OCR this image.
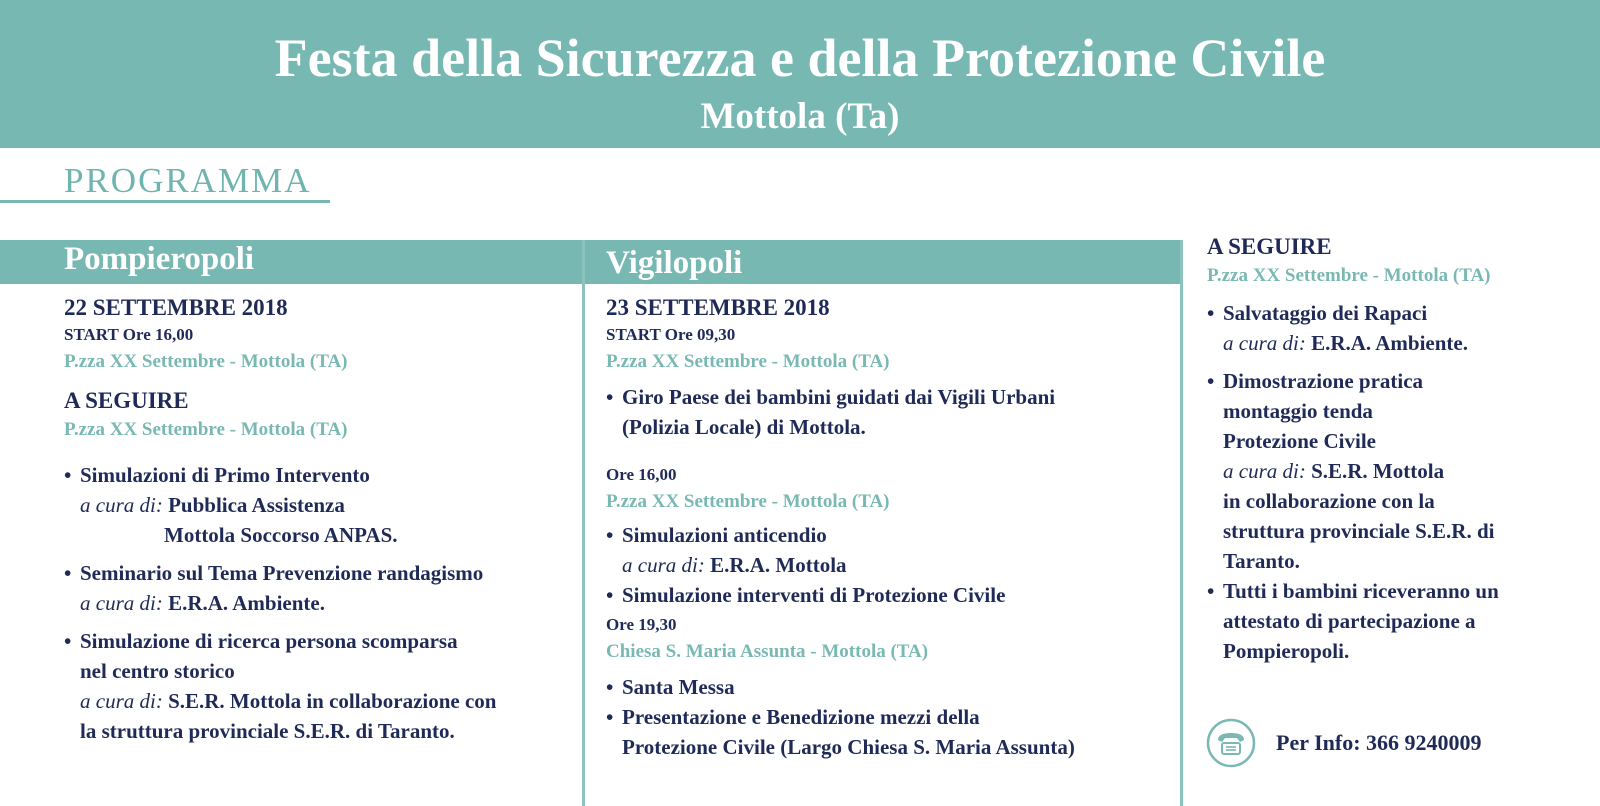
Festa della Sicurezza e della Protezione Civile
Mottola (Ta)
PROGRAMMA
Pompieropoli	Vigilopoli
22 SETTEMBRE 2018
START Ore 16,00
P.zza XX Settembre - Mottola (TA)
A SEGUIRE
P.zza XX Settembre - Mottola (TA)
• Simulazioni di Primo Intervento
a cura di: Pubblica Assistenza
Mottola Soccorso ANPAS.
• Seminario sul Tema Prevenzione randagismo
a cura di: E.R.A. Ambiente.
• Simulazione di ricerca persona scomparsa
nel centro storico
a cura di: S.E.R. Mottola in collaborazione con
la struttura provinciale S.E.R. di Taranto.
23 SETTEMBRE 2018
START Ore 09,30
P.zza XX Settembre - Mottola (TA)
• Giro Paese dei bambini guidati dai Vigili Urbani
(Polizia Locale) di Mottola.
Ore 16,00
P.zza XX Settembre - Mottola (TA)
• Simulazioni anticendio
a cura di: E.R.A. Mottola
• Simulazione interventi di Protezione Civile
Ore 19,30
Chiesa S. Maria Assunta - Mottola (TA)
• Santa Messa
• Presentazione e Benedizione mezzi della
Protezione Civile (Largo Chiesa S. Maria Assunta)
A SEGUIRE
P.zza XX Settembre - Mottola (TA)
• Salvataggio dei Rapaci
a cura di: E.R.A. Ambiente.
• Dimostrazione pratica
montaggio tenda
Protezione Civile
a cura di: S.E.R. Mottola
in collaborazione con la
struttura provinciale S.E.R. di
Taranto.
• Tutti i bambini riceveranno un
attestato di partecipazione a
Pompieropoli.
Per Info: 366 9240009
